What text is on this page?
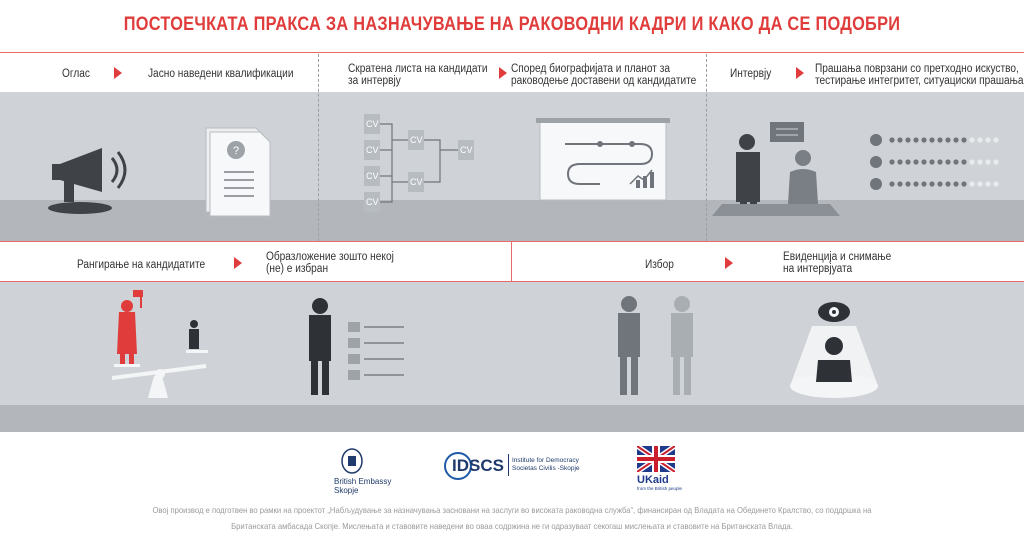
ПОСТОЕЧКАТА ПРАКСА ЗА НАЗНАЧУВАЊЕ НА РАКОВОДНИ КАДРИ И КАКО ДА СЕ ПОДОБРИ
Оглас	Јасно наведени квалификации	Скратена листа на кандидати
за интервју
Според биографијата и планот за
раководење доставени од кандидатите
Интервју	Прашања поврзани со претходно искуство,
тестирање интегритет, ситуациски прашања
?
CV
CV
CV
CV
CV
CV
CV
Рангирање на кандидатите
Образложение зошто некој
(не) е избран	Избор
Евиденција и снимање
на интервјуата
British Embassy
Skopje
IDSCS Institute for Democracy
Societas Civilis -Skopje
UKaid
from the British people
Овој производ е подготвен во рамки на проектот „Набљудување за назначувања засновани на заслуги во високата раководна служба“, финансиран од Владата на Обединето Кралство, со поддршка на
Британската амбасада Скопје. Мислењата и ставовите наведени во оваа содржина не ги одразуваат секогаш мислењата и ставовите на Британската Влада.
